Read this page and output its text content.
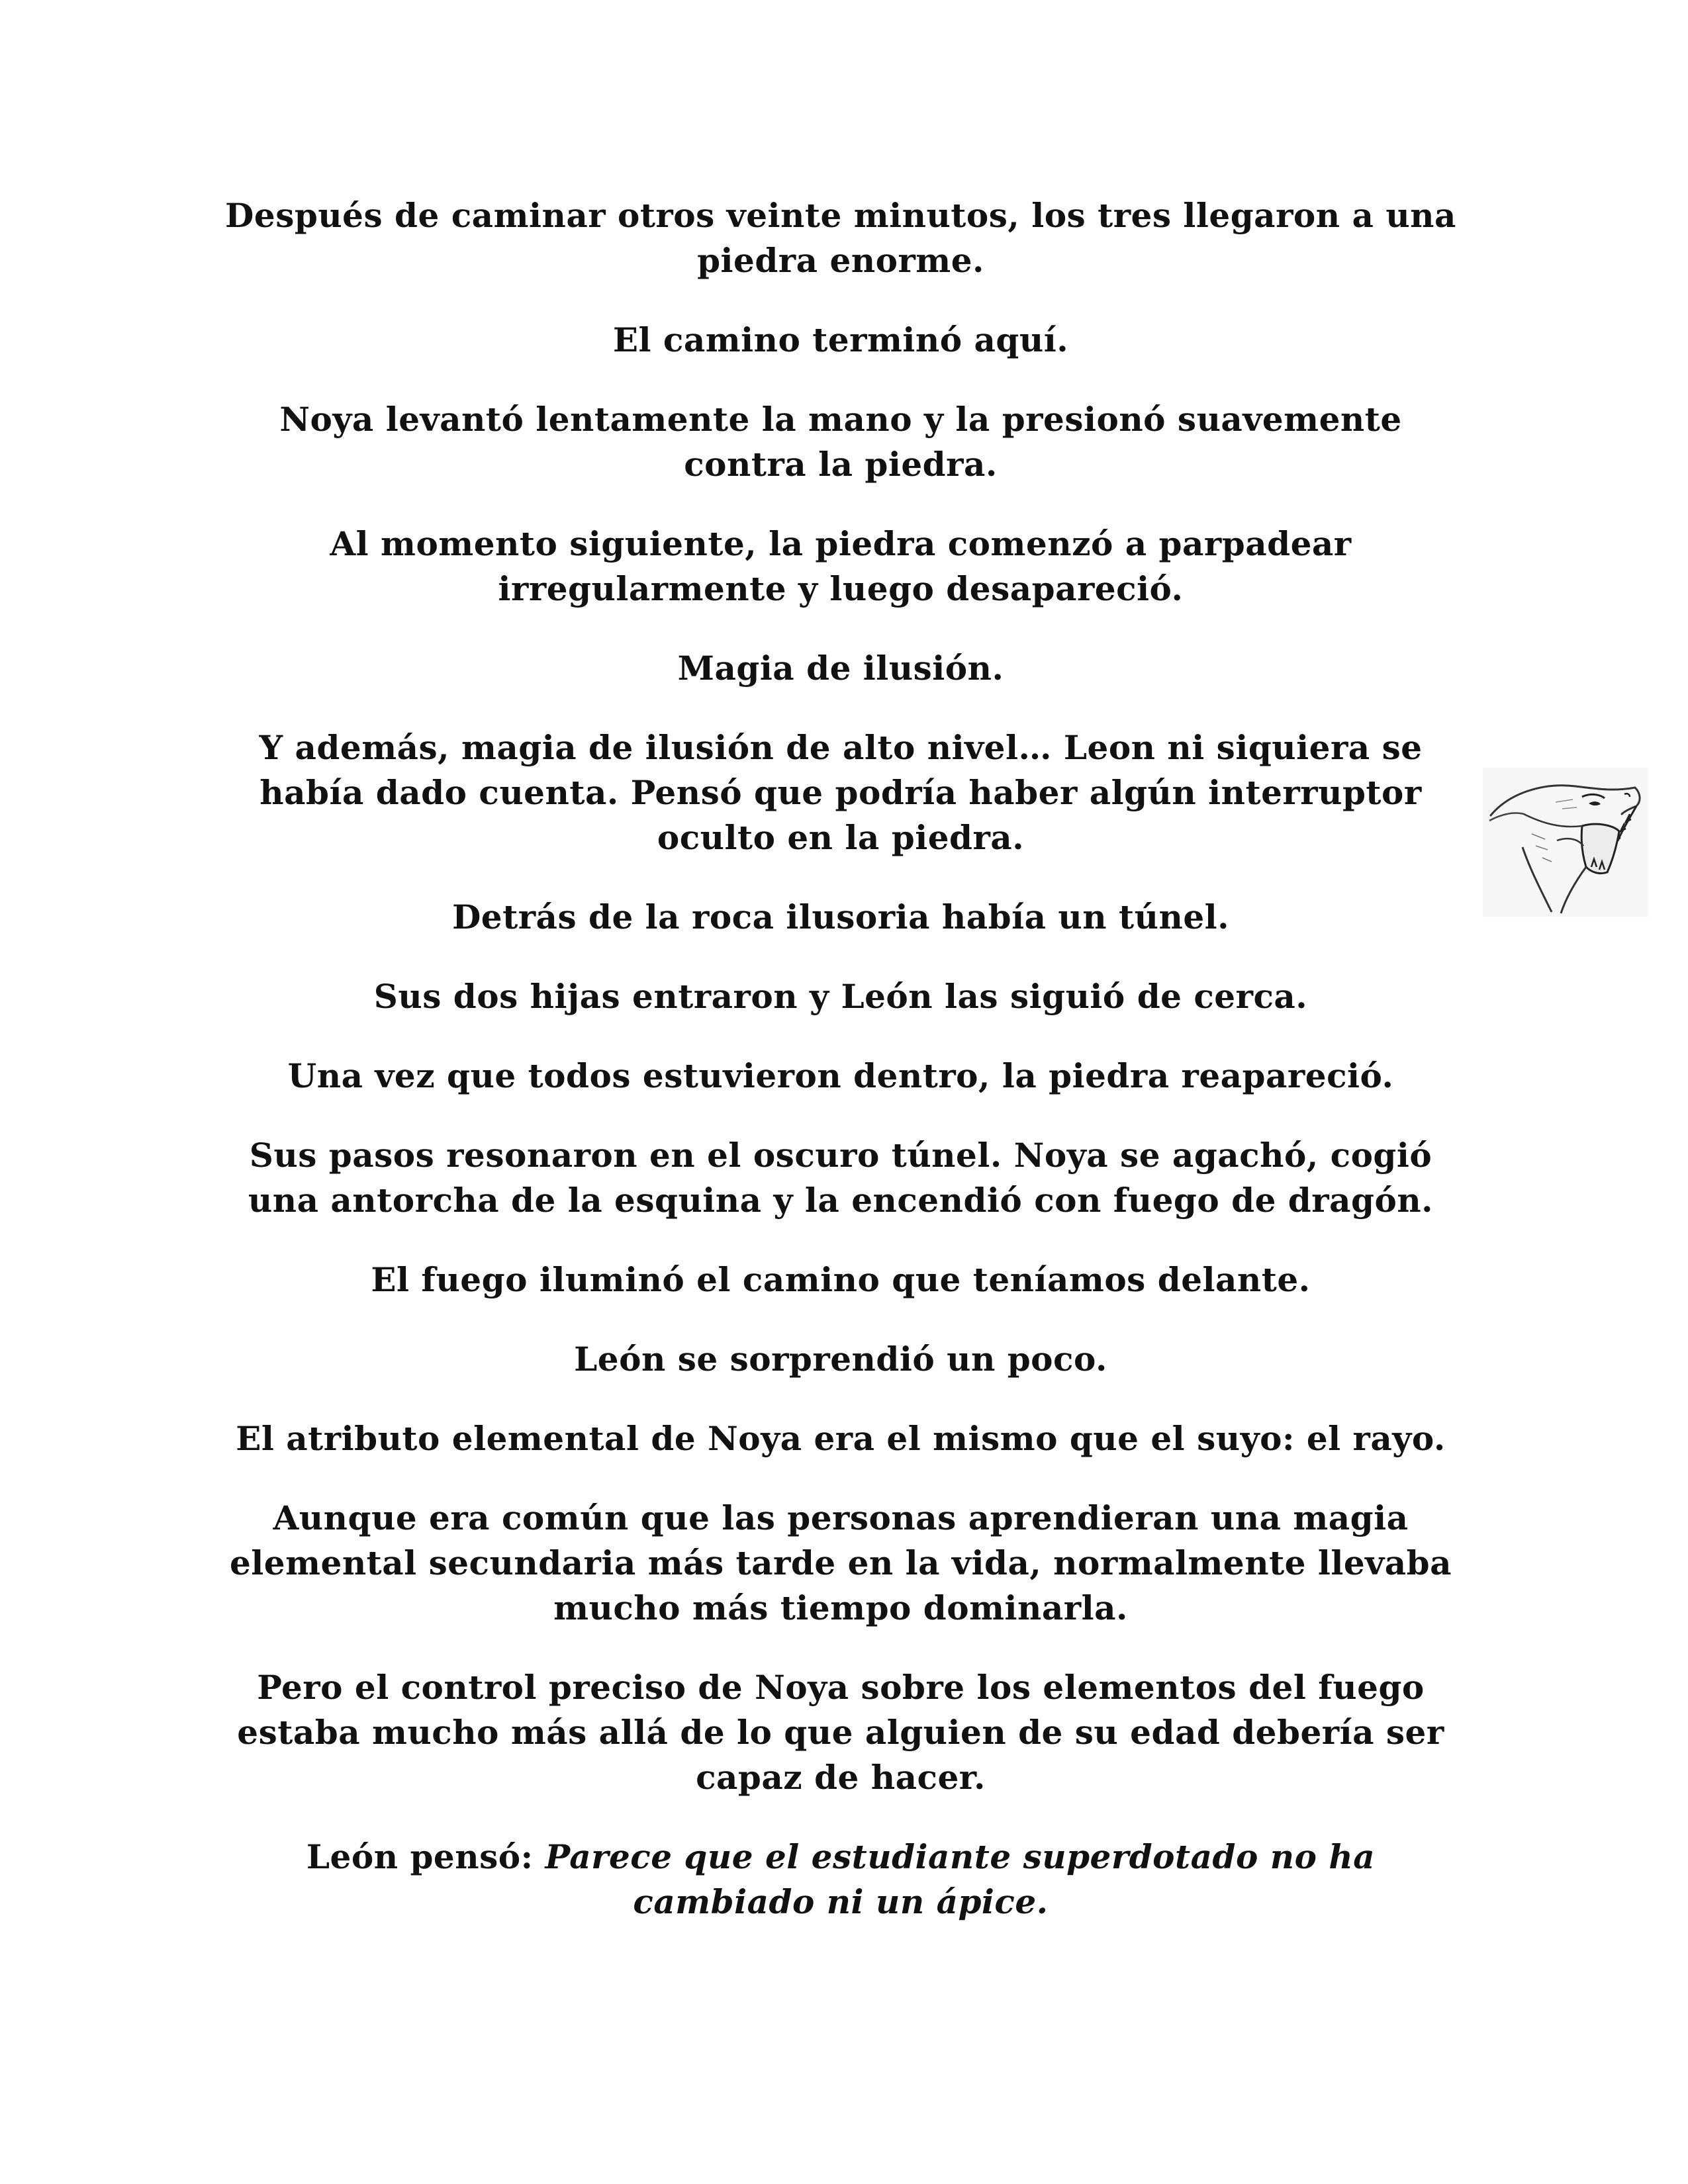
Después de caminar otros veinte minutos, los tres llegaron a una piedra enorme.

El camino terminó aquí.

Noya levantó lentamente la mano y la presionó suavemente contra la piedra.

Al momento siguiente, la piedra comenzó a parpadear irregularmente y luego desapareció.

Magia de ilusión.

Y además, magia de ilusión de alto nivel… Leon ni siquiera se había dado cuenta. Pensó que podría haber algún interruptor oculto en la piedra.

Detrás de la roca ilusoria había un túnel.

Sus dos hijas entraron y León las siguió de cerca.

Una vez que todos estuvieron dentro, la piedra reapareció.

Sus pasos resonaron en el oscuro túnel. Noya se agachó, cogió una antorcha de la esquina y la encendió con fuego de dragón.

El fuego iluminó el camino que teníamos delante.

León se sorprendió un poco.

El atributo elemental de Noya era el mismo que el suyo: el rayo.

Aunque era común que las personas aprendieran una magia elemental secundaria más tarde en la vida, normalmente llevaba mucho más tiempo dominarla.

Pero el control preciso de Noya sobre los elementos del fuego estaba mucho más allá de lo que alguien de su edad debería ser capaz de hacer.

León pensó: Parece que el estudiante superdotado no ha cambiado ni un ápice.
